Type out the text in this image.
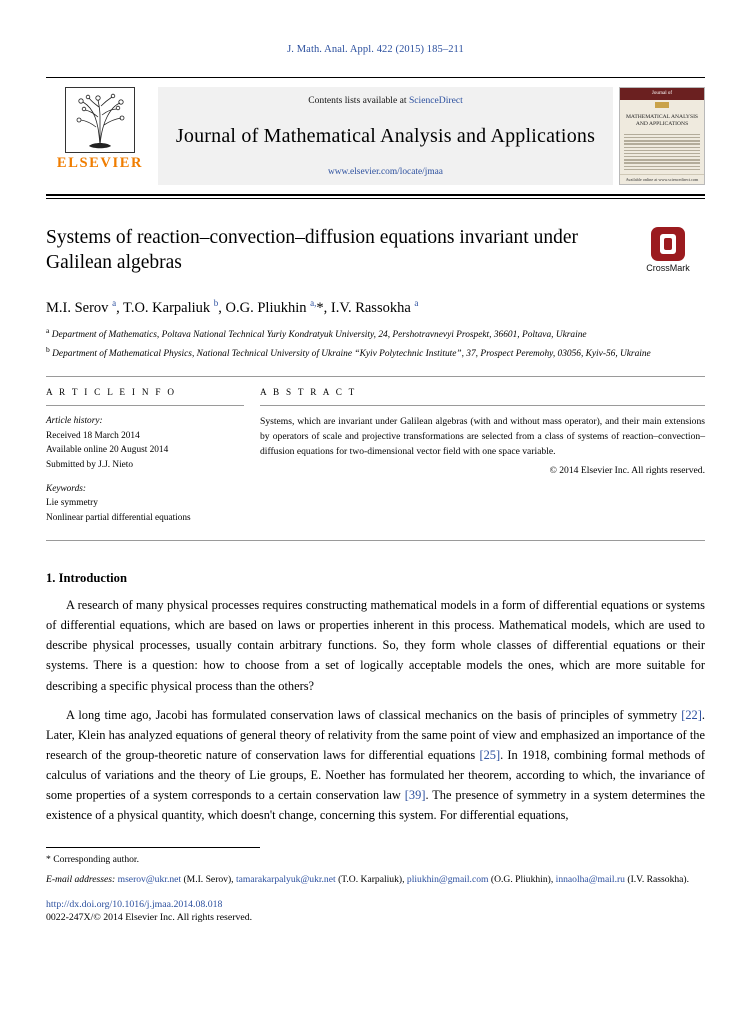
J. Math. Anal. Appl. 422 (2015) 185–211
ELSEVIER
Contents lists available at ScienceDirect
Journal of Mathematical Analysis and Applications
www.elsevier.com/locate/jmaa
Journal of
MATHEMATICAL ANALYSIS AND APPLICATIONS
Available online at www.sciencedirect.com
Systems of reaction–convection–diffusion equations invariant under Galilean algebras	CrossMark
M.I. Serov $^a$, T.O. Karpaliuk $^b$, O.G. Pliukhin $^{a,}$*, I.V. Rassokha $^a$
$^a$ Department of Mathematics, Poltava National Technical Yuriy Kondratyuk University, 24, Pershotravnevyi Prospekt, 36601, Poltava, Ukraine
$^b$ Department of Mathematical Physics, National Technical University of Ukraine “Kyiv Polytechnic Institute”, 37, Prospect Peremohy, 03056, Kyiv-56, Ukraine
A R T I C L E I N F O
Article history:
Received 18 March 2014
Available online 20 August 2014
Submitted by J.J. Nieto
Keywords:
Lie symmetry
Nonlinear partial differential equations
A B S T R A C T
Systems, which are invariant under Galilean algebras (with and without mass operator), and their main extensions by operators of scale and projective transformations are selected from a class of systems of reaction–convection–diffusion equations for two-dimensional vector field with one space variable.
© 2014 Elsevier Inc. All rights reserved.
1. Introduction
A research of many physical processes requires constructing mathematical models in a form of differential equations or systems of differential equations, which are based on laws or properties inherent in this process. Mathematical models, which are used to describe physical processes, usually contain arbitrary functions. So, they form whole classes of differential equations or their systems. There is a question: how to choose from a set of logically acceptable models the ones, which are more suitable for describing a specific physical process than the others?
A long time ago, Jacobi has formulated conservation laws of classical mechanics on the basis of principles of symmetry [22]. Later, Klein has analyzed equations of general theory of relativity from the same point of view and emphasized an importance of the research of the group-theoretic nature of conservation laws for differential equations [25]. In 1918, combining formal methods of calculus of variations and the theory of Lie groups, E. Noether has formulated her theorem, according to which, the invariance of some properties of a system corresponds to a certain conservation law [39]. The presence of symmetry in a system determines the existence of a physical quantity, which doesn't change, concerning this system. For differential equations,
* Corresponding author.
E-mail addresses: mserov@ukr.net (M.I. Serov), tamarakarpalyuk@ukr.net (T.O. Karpaliuk), pliukhin@gmail.com (O.G. Pliukhin), innaolha@mail.ru (I.V. Rassokha).
http://dx.doi.org/10.1016/j.jmaa.2014.08.018
0022-247X/© 2014 Elsevier Inc. All rights reserved.
